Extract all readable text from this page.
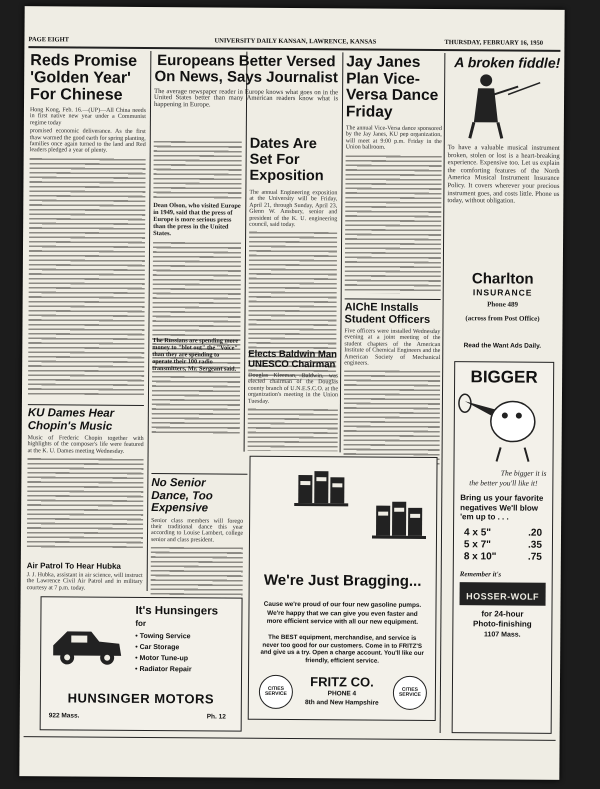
PAGE EIGHT	UNIVERSITY DAILY KANSAN, LAWRENCE, KANSAS	THURSDAY, FEBRUARY 16, 1950
Reds Promise 'Golden Year' For Chinese
Hong Kong, Feb. 16.—(UP)—All China needs in first native new year under a Communist regime today
promised economic deliverance. As the first thaw warmed the good earth for spring planting, families once again turned to the land and Red leaders pledged a year of plenty.
KU Dames Hear Chopin's Music
Music of Frederic Chopin together with highlights of the composer's life were featured at the K. U. Dames meeting Wednesday.
Air Patrol To Hear Hubka
J. J. Hubka, assistant in air science, will instruct the Lawrence Civil Air Patrol and in military courtesy at 7 p.m. today.
Europeans Better Versed On News, Says Journalist
The average newspaper reader in Europe knows what goes on in the United States better than many American readers know what is happening in Europe.
Dean Olson, who visited Europe in 1949, said that the press of Europe is more serious press than the press in the United States.
Dates Are Set For Exposition
The annual Engineering exposition at the University will be Friday, April 21, through Sunday, April 23, Glenn W. Amsbury, senior and president of the K. U. engineering council, said today.
Elects Baldwin Man UNESCO Chairman
Douglas Kleeman, Baldwin, was elected chairman of the Douglas county branch of U.N.E.S.C.O. at the organization's meeting in the Union Tuesday.
The Russians are spending more money to "blot out" the "Voice" than they are spending to operate their 100 radio transmitters, Mr. Sergeant said.
No Senior Dance, Too Expensive
Senior class members will forego their traditional dance this year according to Louise Lambert, college senior and class president.
Jay Janes Plan Vice-Versa Dance Friday
The annual Vice-Versa dance sponsored by the Jay Janes, KU pep organization, will meet at 9:00 p.m. Friday in the Union ballroom.
AIChE Installs Student Officers
Five officers were installed Wednesday evening at a joint meeting of the student chapters of the American Institute of Chemical Engineers and the American Society of Mechanical engineers.
We're Just Bragging...
Cause we're proud of our four new gasoline pumps.
We're happy that we can give you even faster and more efficient service with all our new equipment.
The BEST equipment, merchandise, and service is never too good for our customers. Come in to FRITZ'S and give us a try. Open a charge account. You'll like our friendly, efficient service.
CITIES SERVICE
CITIES SERVICE
FRITZ CO.
PHONE 4
8th and New Hampshire
It's Hunsingers
for
• Towing Service
• Car Storage
• Motor Tune-up
• Radiator Repair
HUNSINGER MOTORS
922 Mass.	Ph. 12
A broken fiddle!
To have a valuable musical instrument broken, stolen or lost is a heart-breaking experience. Expensive too. Let us explain the comforting features of the North America Musical Instrument Insurance Policy. It covers wherever your precious instrument goes, and costs little. Phone us today, without obligation.
Charlton
INSURANCE
Phone 489
(across from Post Office)
Read the Want Ads Daily.
BIGGER
The bigger it is
the better you'll like it!
Bring us your favorite negatives We'll blow 'em up to . . .
4 x 5"	.20
5 x 7"	.35
8 x 10"	.75
Remember it's
HOSSER-WOLF
for 24-hour
Photo-finishing
1107 Mass.
